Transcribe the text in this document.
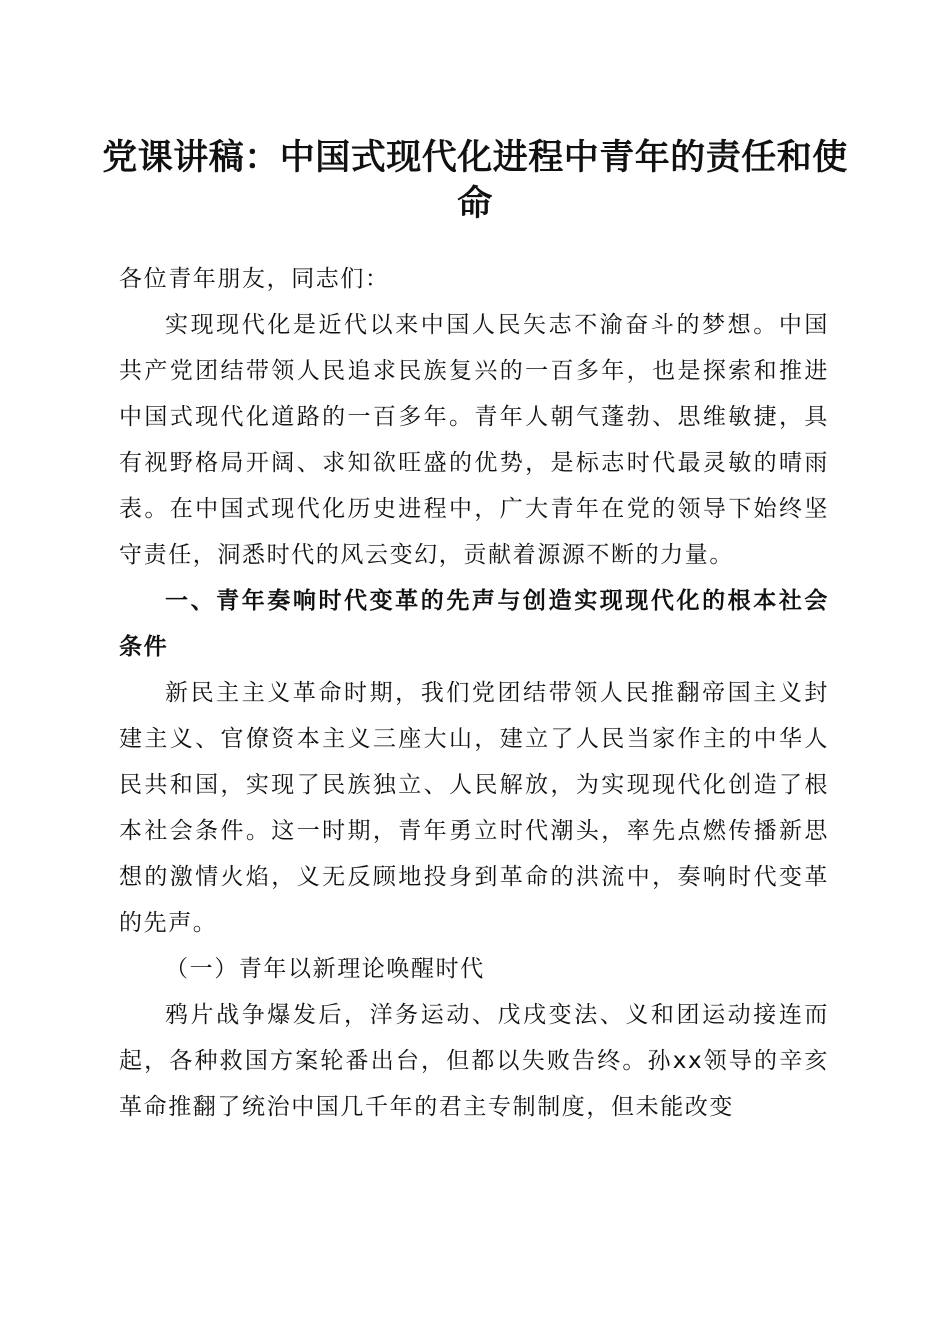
党课讲稿：中国式现代化进程中青年的责任和使命

各位青年朋友，同志们：

实现现代化是近代以来中国人民矢志不渝奋斗的梦想。中国共产党团结带领人民追求民族复兴的一百多年，也是探索和推进中国式现代化道路的一百多年。青年人朝气蓬勃、思维敏捷，具有视野格局开阔、求知欲旺盛的优势，是标志时代最灵敏的晴雨表。在中国式现代化历史进程中，广大青年在党的领导下始终坚守责任，洞悉时代的风云变幻，贡献着源源不断的力量。

一、青年奏响时代变革的先声与创造实现现代化的根本社会条件

新民主主义革命时期，我们党团结带领人民推翻帝国主义封建主义、官僚资本主义三座大山，建立了人民当家作主的中华人民共和国，实现了民族独立、人民解放，为实现现代化创造了根本社会条件。这一时期，青年勇立时代潮头，率先点燃传播新思想的激情火焰，义无反顾地投身到革命的洪流中，奏响时代变革的先声。

（一）青年以新理论唤醒时代

鸦片战争爆发后，洋务运动、戊戌变法、义和团运动接连而起，各种救国方案轮番出台，但都以失败告终。孙xx领导的辛亥革命推翻了统治中国几千年的君主专制制度，但未能改变
